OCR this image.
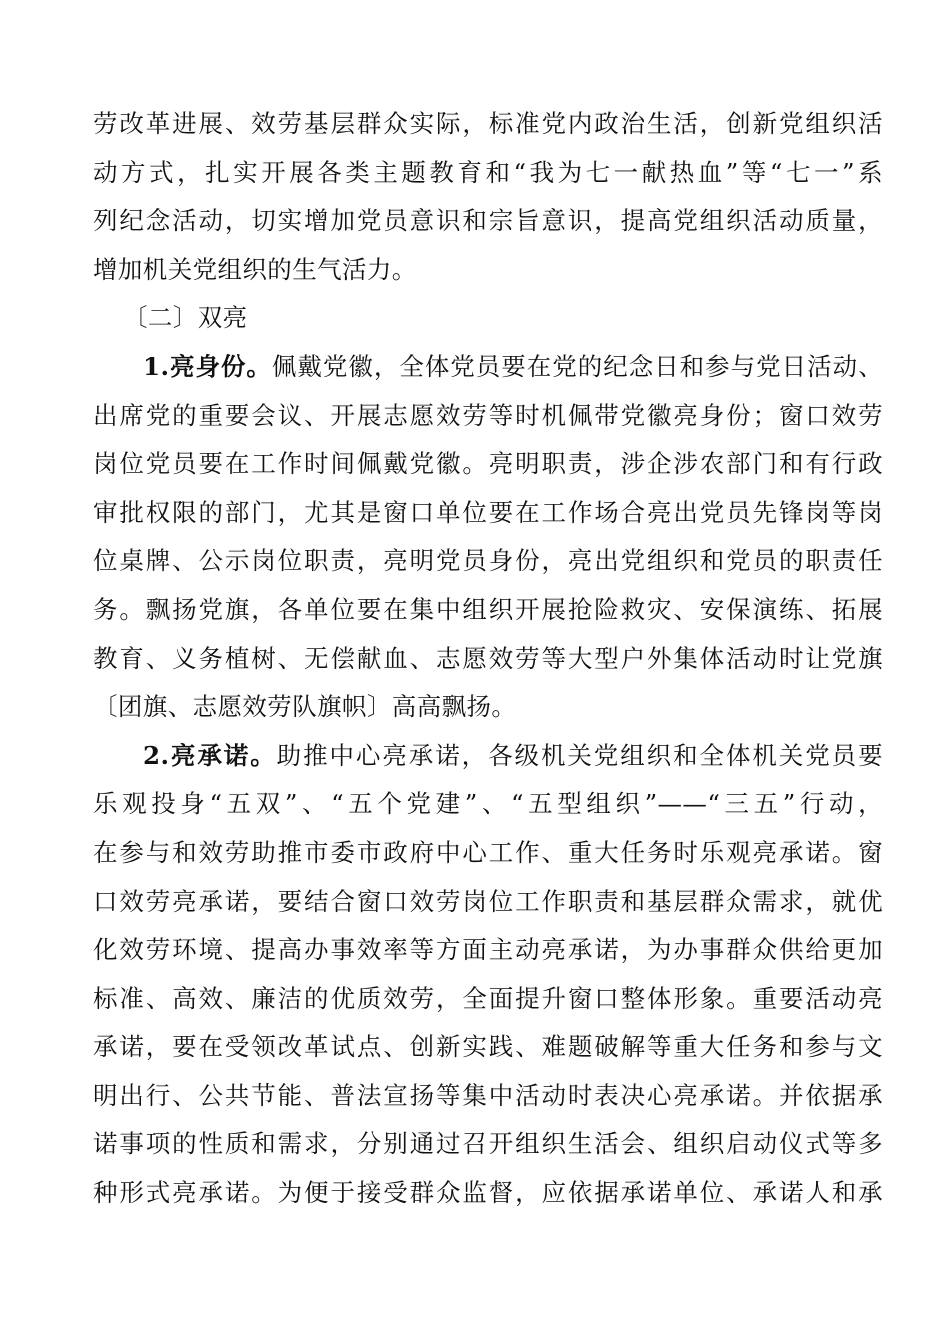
劳改革进展、效劳基层群众实际，标准党内政治生活，创新党组织活
动方式，扎实开展各类主题教育和“我为七一献热血”等“七一”系
列纪念活动，切实增加党员意识和宗旨意识，提高党组织活动质量，
增加机关党组织的生气活力。
〔二〕双亮
1.亮身份。佩戴党徽，全体党员要在党的纪念日和参与党日活动、
出席党的重要会议、开展志愿效劳等时机佩带党徽亮身份；窗口效劳
岗位党员要在工作时间佩戴党徽。亮明职责，涉企涉农部门和有行政
审批权限的部门，尤其是窗口单位要在工作场合亮出党员先锋岗等岗
位桌牌、公示岗位职责，亮明党员身份，亮出党组织和党员的职责任
务。飘扬党旗，各单位要在集中组织开展抢险救灾、安保演练、拓展
教育、义务植树、无偿献血、志愿效劳等大型户外集体活动时让党旗
〔团旗、志愿效劳队旗帜〕高高飘扬。
2.亮承诺。助推中心亮承诺，各级机关党组织和全体机关党员要
乐观投身“五双”、“五个党建”、“五型组织”——“三五”行动，
在参与和效劳助推市委市政府中心工作、重大任务时乐观亮承诺。窗
口效劳亮承诺，要结合窗口效劳岗位工作职责和基层群众需求，就优
化效劳环境、提高办事效率等方面主动亮承诺，为办事群众供给更加
标准、高效、廉洁的优质效劳，全面提升窗口整体形象。重要活动亮
承诺，要在受领改革试点、创新实践、难题破解等重大任务和参与文
明出行、公共节能、普法宣扬等集中活动时表决心亮承诺。并依据承
诺事项的性质和需求，分别通过召开组织生活会、组织启动仪式等多
种形式亮承诺。为便于接受群众监督，应依据承诺单位、承诺人和承
